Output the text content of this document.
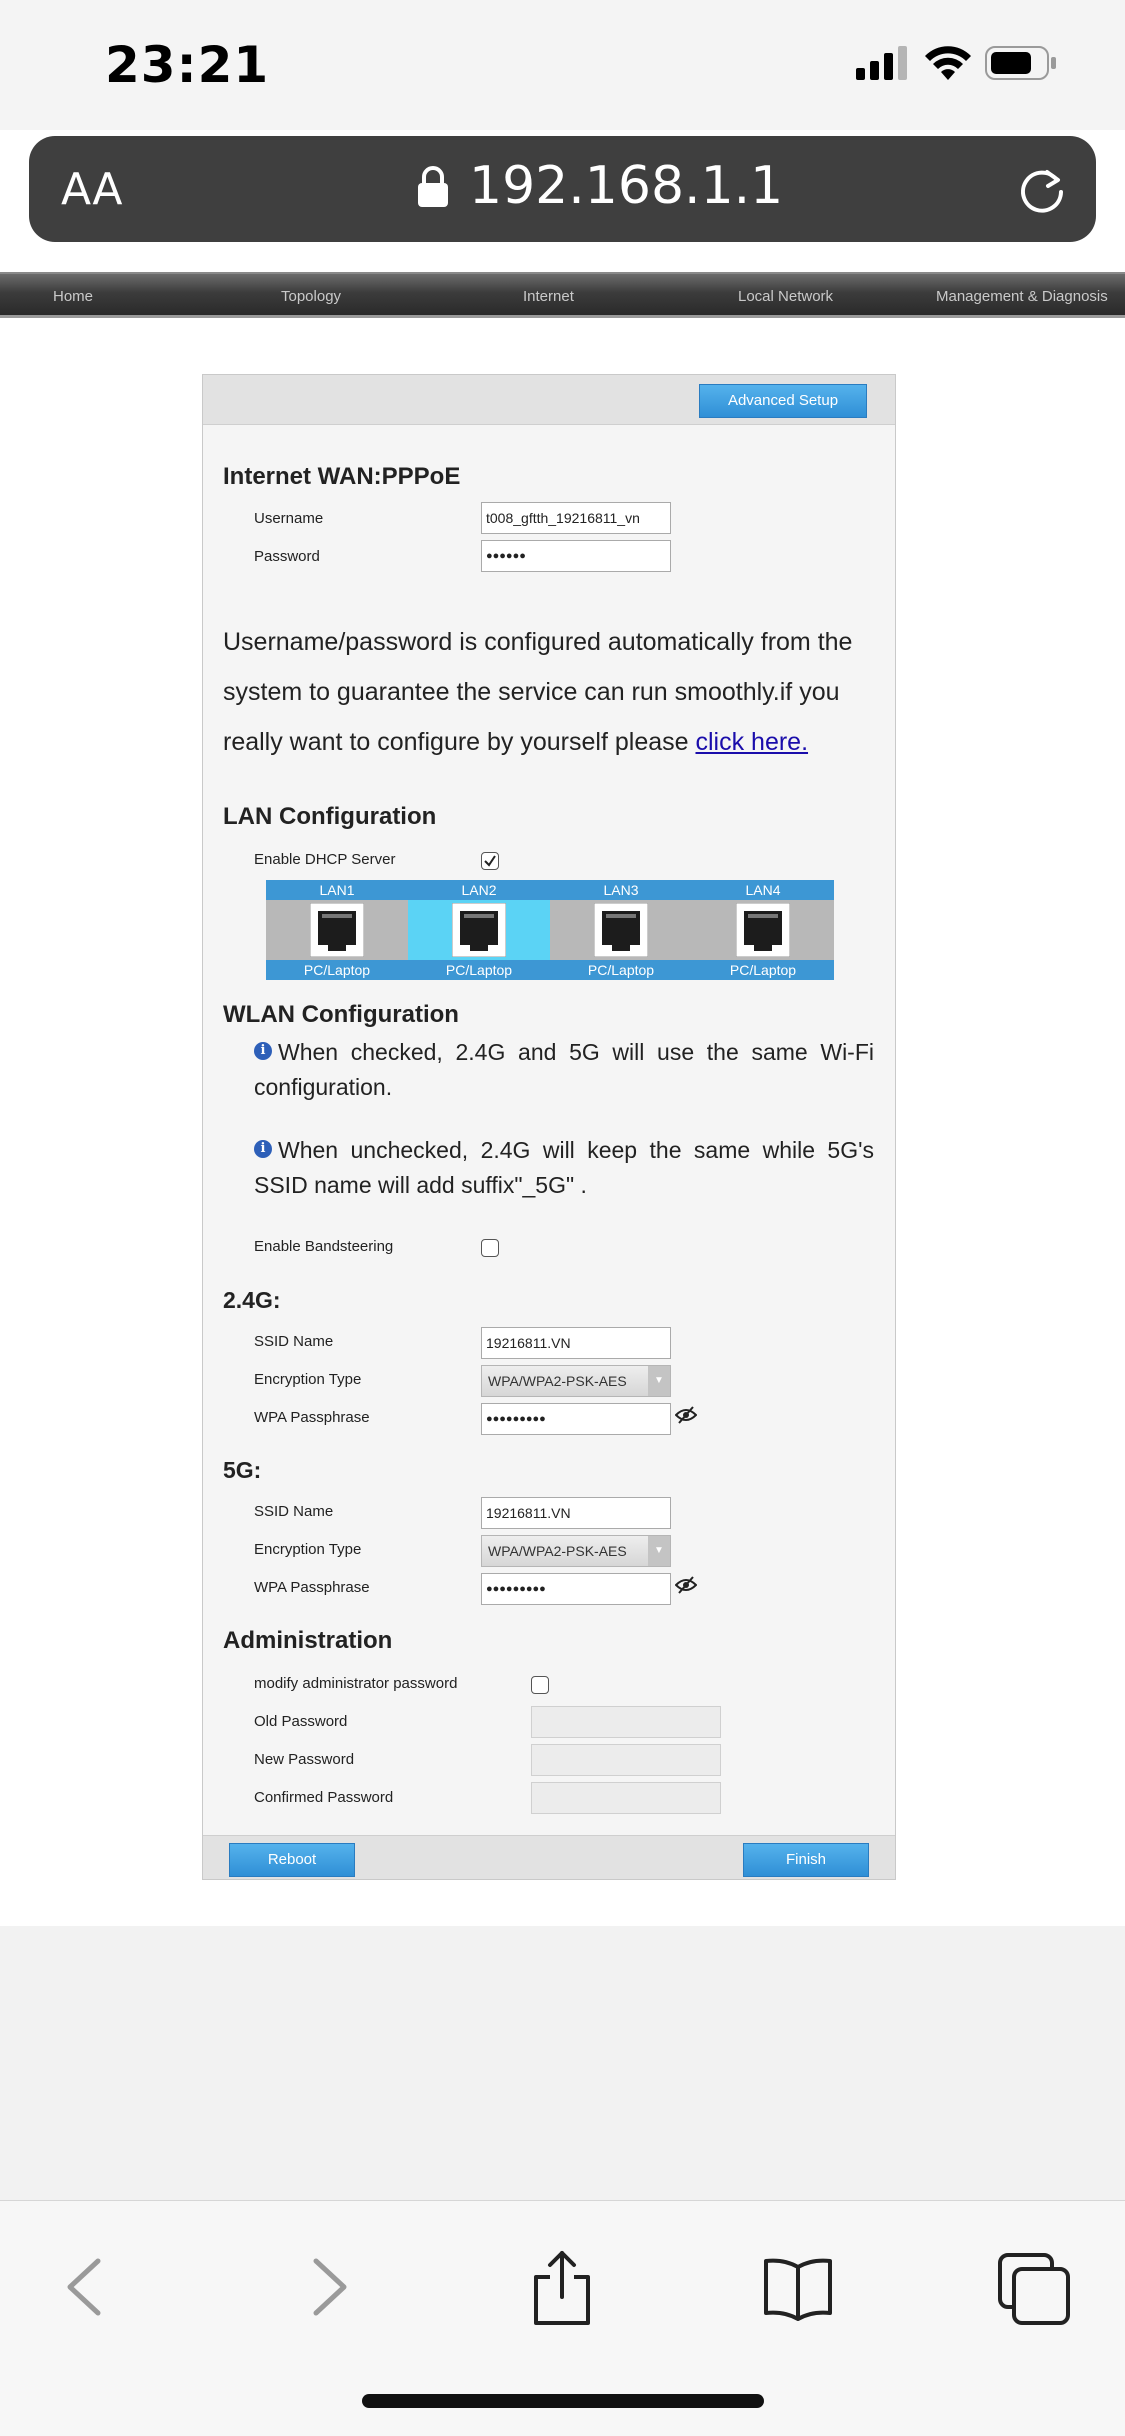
23:21
AA	192.168.1.1
Home	Topology	Internet	Local Network	Management & Diagnosis
Advanced Setup
Internet WAN:PPPoE
Username	t008_gftth_19216811_vn
Password	●●●●●●
Username/password is configured automatically from the system to guarantee the service can run smoothly.if you really want to configure by yourself please click here.
LAN Configuration
Enable DHCP Server
LAN1
PC/Laptop
LAN2
PC/Laptop
LAN3
PC/Laptop
LAN4
PC/Laptop
WLAN Configuration
i When checked, 2.4G and 5G will use the same Wi-Fi configuration.
i When unchecked, 2.4G will keep the same while 5G's SSID name will add suffix"_5G" .
Enable Bandsteering
2.4G:
SSID Name	19216811.VN
Encryption Type	WPA/WPA2-PSK-AES	▼
WPA Passphrase	●●●●●●●●●
5G:
SSID Name	19216811.VN
Encryption Type	WPA/WPA2-PSK-AES	▼
WPA Passphrase	●●●●●●●●●
Administration
modify administrator password
Old Password
New Password
Confirmed Password
Reboot	Finish
